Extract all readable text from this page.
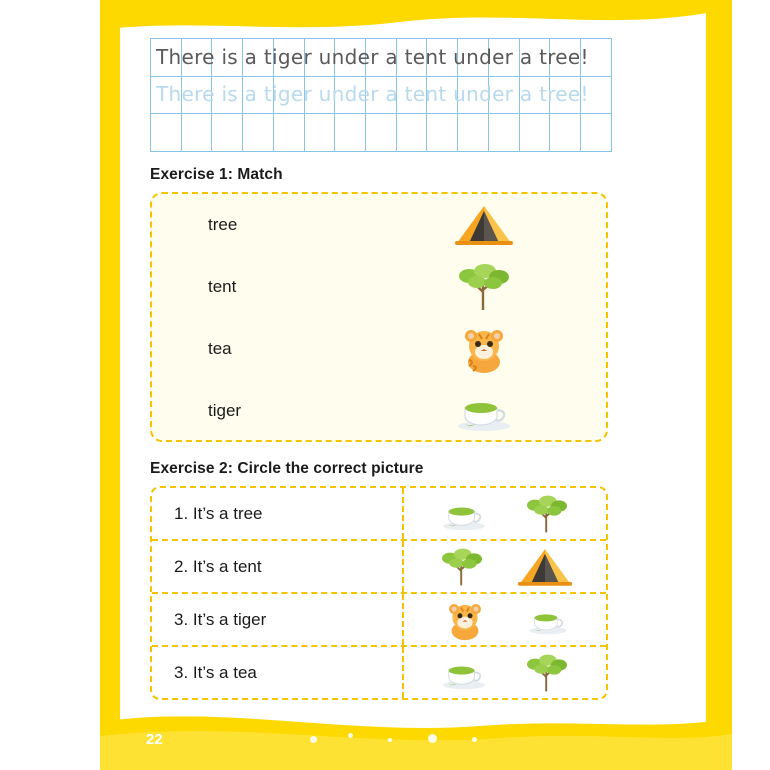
22

There is a tiger under a tent under a tree!
There is a tiger under a tent under a tree!
Exercise 1: Match
tree
tent
tea
tiger
Exercise 2: Circle the correct picture
1. It’s a tree
2. It’s a tent
3. It’s a tiger
3. It’s a tea
